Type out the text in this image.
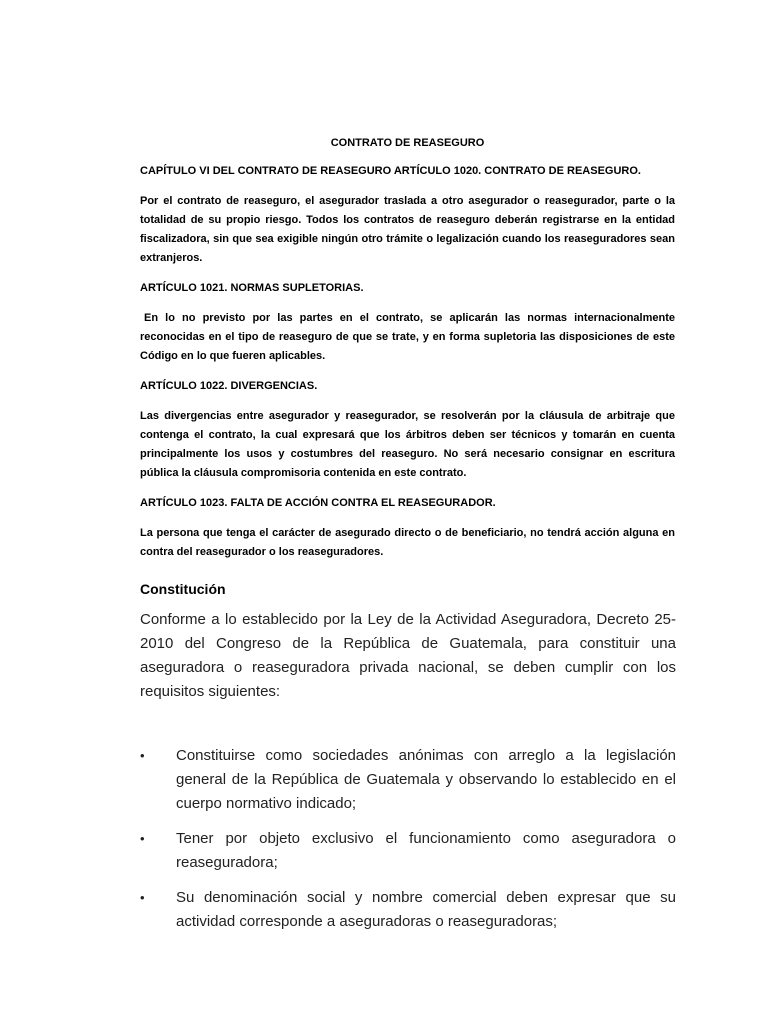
CONTRATO DE REASEGURO

CAPÍTULO VI DEL CONTRATO DE REASEGURO ARTÍCULO 1020. CONTRATO DE REASEGURO.

Por el contrato de reaseguro, el asegurador traslada a otro asegurador o reasegurador, parte o la totalidad de su propio riesgo. Todos los contratos de reaseguro deberán registrarse en la entidad fiscalizadora, sin que sea exigible ningún otro trámite o legalización cuando los reaseguradores sean extranjeros.

ARTÍCULO 1021. NORMAS SUPLETORIAS.

En lo no previsto por las partes en el contrato, se aplicarán las normas internacionalmente reconocidas en el tipo de reaseguro de que se trate, y en forma supletoria las disposiciones de este Código en lo que fueren aplicables.

ARTÍCULO 1022. DIVERGENCIAS.

Las divergencias entre asegurador y reasegurador, se resolverán por la cláusula de arbitraje que contenga el contrato, la cual expresará que los árbitros deben ser técnicos y tomarán en cuenta principalmente los usos y costumbres del reaseguro. No será necesario consignar en escritura pública la cláusula compromisoria contenida en este contrato.

ARTÍCULO 1023. FALTA DE ACCIÓN CONTRA EL REASEGURADOR.

La persona que tenga el carácter de asegurado directo o de beneficiario, no tendrá acción alguna en contra del reasegurador o los reaseguradores.

Constitución

Conforme a lo establecido por la Ley de la Actividad Aseguradora, Decreto 25-2010 del Congreso de la República de Guatemala, para constituir una aseguradora o reaseguradora privada nacional, se deben cumplir con los requisitos siguientes:

• Constituirse como sociedades anónimas con arreglo a la legislación general de la República de Guatemala y observando lo establecido en el cuerpo normativo indicado;
• Tener por objeto exclusivo el funcionamiento como aseguradora o reaseguradora;
• Su denominación social y nombre comercial deben expresar que su actividad corresponde a aseguradoras o reaseguradoras;
